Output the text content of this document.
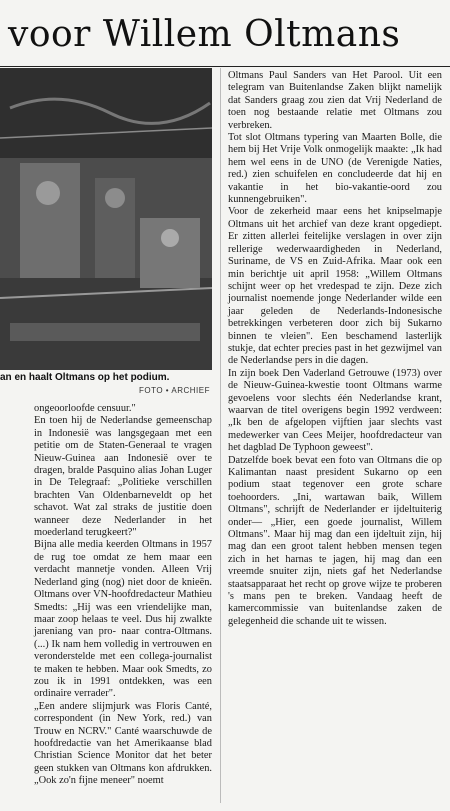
voor Willem Oltmans
an en haalt Oltmans op het podium.
FOTO • ARCHIEF

ongeoorloofde censuur."

En toen hij de Nederlandse gemeenschap in Indonesië was langsgegaan met een petitie om de Staten-Generaal te vragen Nieuw-Guinea aan Indonesië over te dragen, bralde Pasquino alias Johan Luger in De Telegraaf: „Politieke verschillen brachten Van Oldenbarneveldt op het schavot. Wat zal straks de justitie doen wanneer deze Nederlander in het moederland terugkeert?"

Bijna alle media keerden Oltmans in 1957 de rug toe omdat ze hem maar een verdacht mannetje vonden. Alleen Vrij Nederland ging (nog) niet door de knieën. Oltmans over VN-hoofdredacteur Mathieu Smedts: „Hij was een vriendelijke man, maar zoop helaas te veel. Dus hij zwalkte jareniang van pro- naar contra-Oltmans. (...) Ik nam hem volledig in vertrouwen en veronderstelde met een collega-journalist te maken te hebben. Maar ook Smedts, zo zou ik in 1991 ontdekken, was een ordinaire verrader".

„Een andere slijmjurk was Floris Canté, correspondent (in New York, red.) van Trouw en NCRV." Canté waarschuwde de hoofdredactie van het Amerikaanse blad Christian Science Monitor dat het beter geen stukken van Oltmans kon afdrukken. „Ook zo'n fijne meneer" noemt

Oltmans Paul Sanders van Het Parool. Uit een telegram van Buitenlandse Zaken blijkt namelijk dat Sanders graag zou zien dat Vrij Nederland de toen nog bestaande relatie met Oltmans zou verbreken.

Tot slot Oltmans typering van Maarten Bolle, die hem bij Het Vrije Volk onmogelijk maakte: „Ik had hem wel eens in de UNO (de Verenigde Naties, red.) zien schuifelen en concludeerde dat hij en vakantie in het bio-vakantie-oord zou kunnengebruiken".

Voor de zekerheid maar eens het knipselmapje Oltmans uit het archief van deze krant opgediept. Er zitten allerlei feitelijke verslagen in over zijn rellerige wederwaardigheden in Nederland, Suriname, de VS en Zuid-Afrika. Maar ook een min berichtje uit april 1958: „Willem Oltmans schijnt weer op het vredespad te zijn. Deze zich journalist noemende jonge Nederlander wilde een jaar geleden de Nederlands-Indonesische betrekkingen verbeteren door zich bij Sukarno binnen te vleien". Een beschamend lasterlijk stukje, dat echter precies past in het gezwijmel van de Nederlandse pers in die dagen.

In zijn boek Den Vaderland Getrouwe (1973) over de Nieuw-Guinea-kwestie toont Oltmans warme gevoelens voor slechts één Nederlandse krant, waarvan de titel overigens begin 1992 verdween: „Ik ben de afgelopen vijftien jaar slechts vast medewerker van Cees Meijer, hoofdredacteur van het dagblad De Typhoon geweest".

Datzelfde boek bevat een foto van Oltmans die op Kalimantan naast president Sukarno op een podium staat tegenover een grote schare toehoorders. „Ini, wartawan baik, Willem Oltmans", schrijft de Nederlander er ijdeltuiterig onder— „Hier, een goede journalist, Willem Oltmans". Maar hij mag dan een ijdeltuit zijn, hij mag dan een groot talent hebben mensen tegen zich in het harnas te jagen, hij mag dan een vreemde snuiter zijn, niets gaf het Nederlandse staatsapparaat het recht op grove wijze te proberen 's mans pen te breken. Vandaag heeft de kamercommissie van buitenlandse zaken de gelegenheid die schande uit te wissen.
